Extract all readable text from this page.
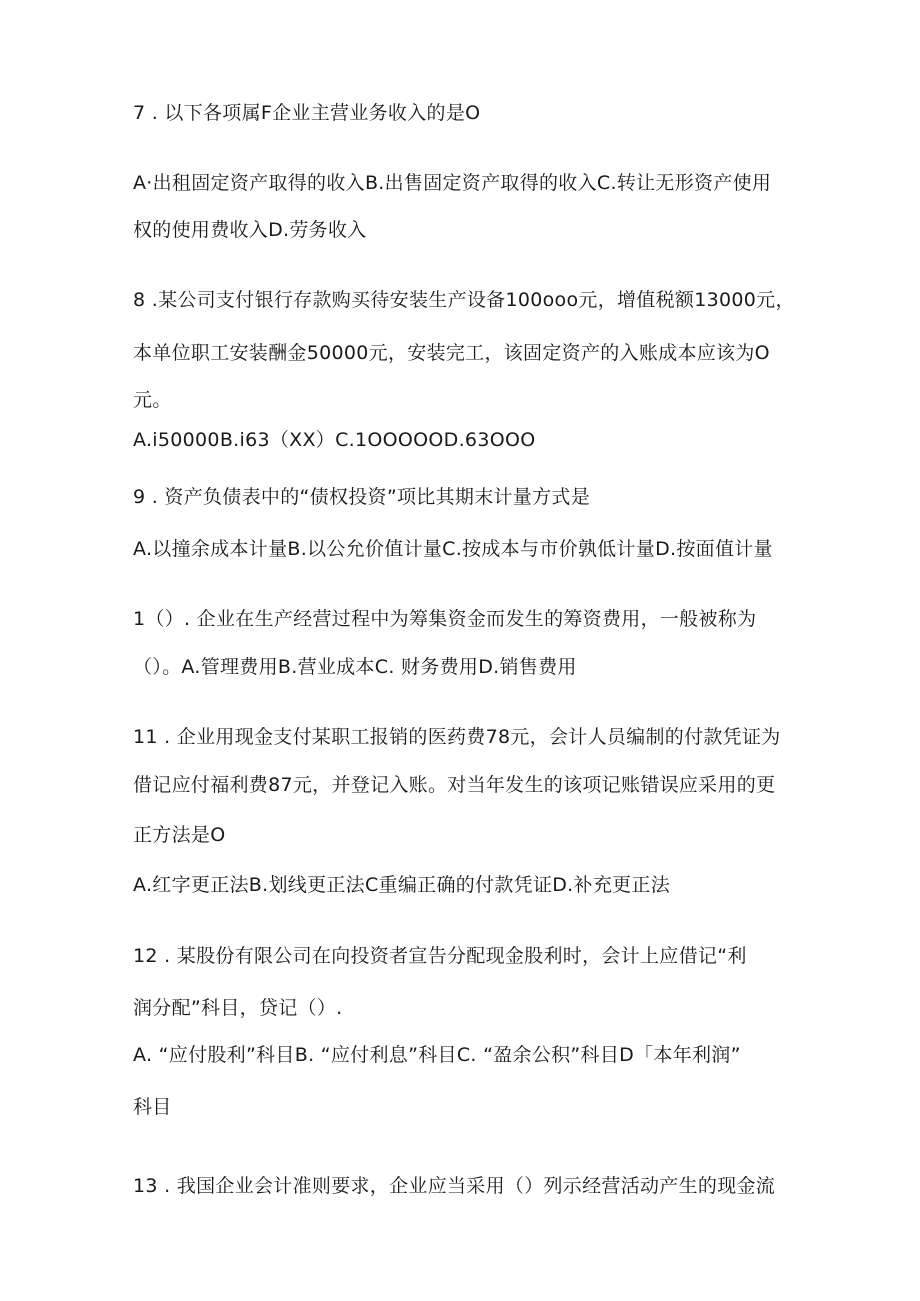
7 . 以下各项属F企业主营业务收入的是O
A·出租固定资产取得的收入B.出售固定资产取得的收入C.转让无形资产使用
权的使用费收入D.劳务收入
8 .某公司支付银行存款购买待安装生产设备100ooo元，增值税额13000元，
本单位职工安装酬金50000元，安装完工，该固定资产的入账成本应该为O
元。
A.i50000B.i63（XX）C.1OOOOOD.63OOO
9 . 资产负债表中的“债权投资”项比其期末计量方式是
A.以撞余成本计量B.以公允价值计量C.按成本与市价孰低计量D.按面值计量
1（）. 企业在生产经营过程中为筹集资金而发生的筹资费用，一般被称为
（）。A.管理费用B.营业成本C. 财务费用D.销售费用
11 . 企业用现金支付某职工报销的医药费78元，会计人员编制的付款凭证为
借记应付福利费87元，并登记入账。对当年发生的该项记账错误应采用的更
正方法是O
A.红字更正法B.划线更正法C重编正确的付款凭证D.补充更正法
12 . 某股份有限公司在向投资者宣告分配现金股利时，会计上应借记“利
润分配”科目，贷记（）.
A. “应付股利”科目B. “应付利息”科目C. “盈余公积”科目D「本年利润”
科目
13 . 我国企业会计准则要求，企业应当采用（）列示经营活动产生的现金流
